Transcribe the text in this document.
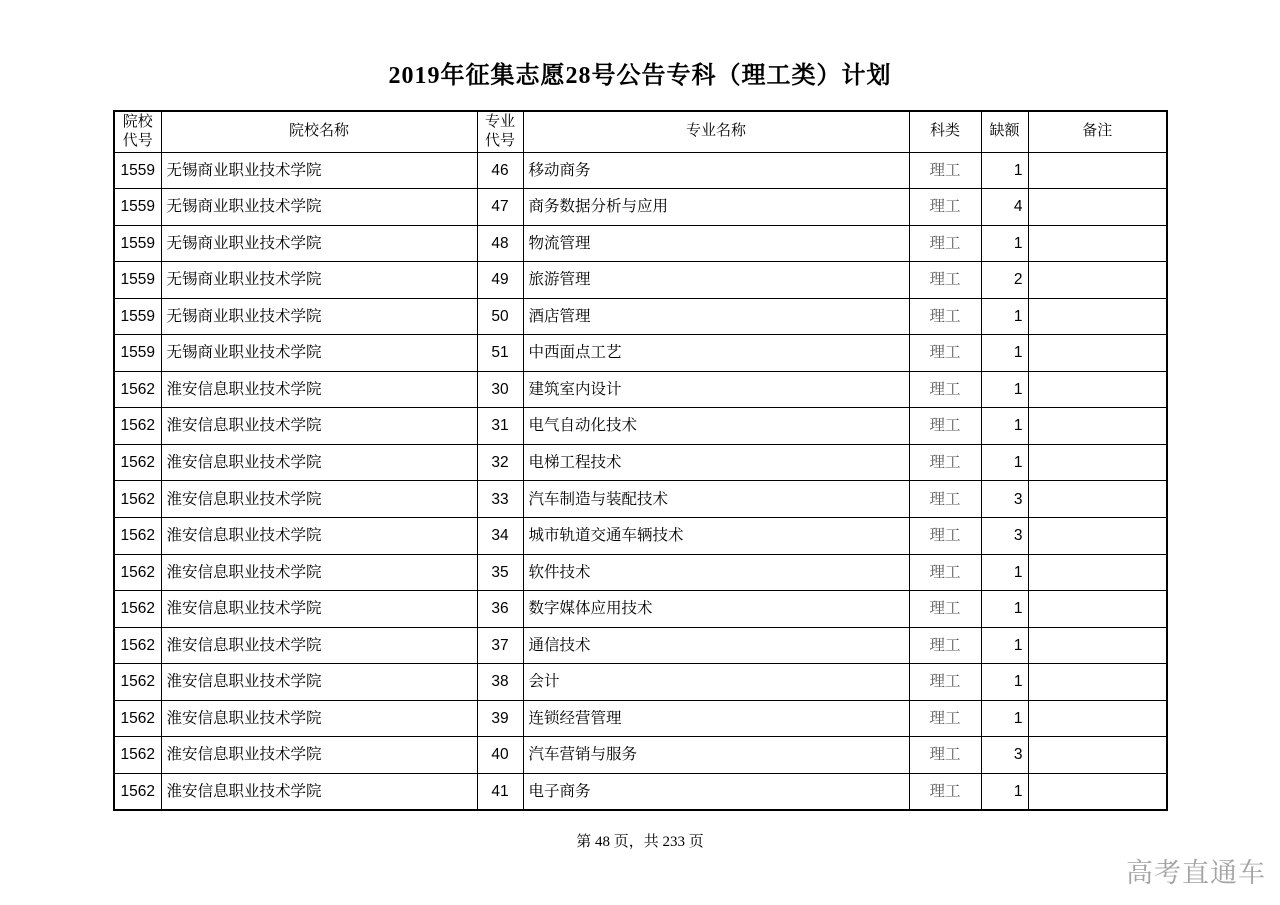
2019年征集志愿28号公告专科（理工类）计划
院校代号	院校名称	专业代号	专业名称	科类	缺额	备注
1559	无锡商业职业技术学院	46	移动商务	理工	1	
1559	无锡商业职业技术学院	47	商务数据分析与应用	理工	4	
1559	无锡商业职业技术学院	48	物流管理	理工	1	
1559	无锡商业职业技术学院	49	旅游管理	理工	2	
1559	无锡商业职业技术学院	50	酒店管理	理工	1	
1559	无锡商业职业技术学院	51	中西面点工艺	理工	1	
1562	淮安信息职业技术学院	30	建筑室内设计	理工	1	
1562	淮安信息职业技术学院	31	电气自动化技术	理工	1	
1562	淮安信息职业技术学院	32	电梯工程技术	理工	1	
1562	淮安信息职业技术学院	33	汽车制造与装配技术	理工	3	
1562	淮安信息职业技术学院	34	城市轨道交通车辆技术	理工	3	
1562	淮安信息职业技术学院	35	软件技术	理工	1	
1562	淮安信息职业技术学院	36	数字媒体应用技术	理工	1	
1562	淮安信息职业技术学院	37	通信技术	理工	1	
1562	淮安信息职业技术学院	38	会计	理工	1	
1562	淮安信息职业技术学院	39	连锁经营管理	理工	1	
1562	淮安信息职业技术学院	40	汽车营销与服务	理工	3	
1562	淮安信息职业技术学院	41	电子商务	理工	1	
第 48 页，共 233 页
高考直通车
